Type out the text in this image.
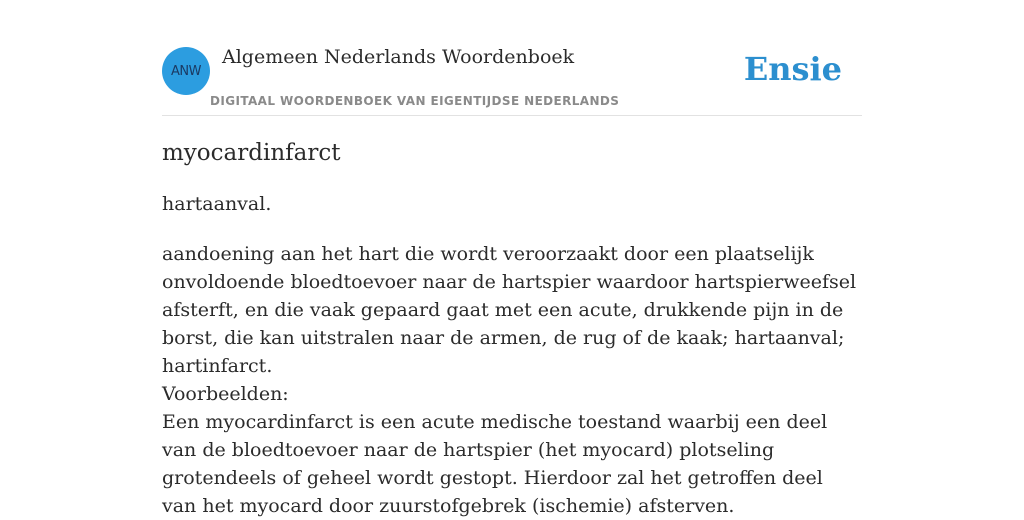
ANW
Algemeen Nederlands Woordenboek
DIGITAAL WOORDENBOEK VAN EIGENTIJDSE NEDERLANDS
Ensie
myocardinfarct

hartaanval.

aandoening aan het hart die wordt veroorzaakt door een plaatselijk onvoldoende bloedtoevoer naar de hartspier waardoor hartspierweefsel afsterft, en die vaak gepaard gaat met een acute, drukkende pijn in de borst, die kan uitstralen naar de armen, de rug of de kaak; hartaanval; hartinfarct.

Voorbeelden:

Een myocardinfarct is een acute medische toestand waarbij een deel van de bloedtoevoer naar de hartspier (het myocard) plotseling grotendeels of geheel wordt gestopt. Hierdoor zal het getroffen deel van het myocard door zuurstofgebrek (ischemie) afsterven.
